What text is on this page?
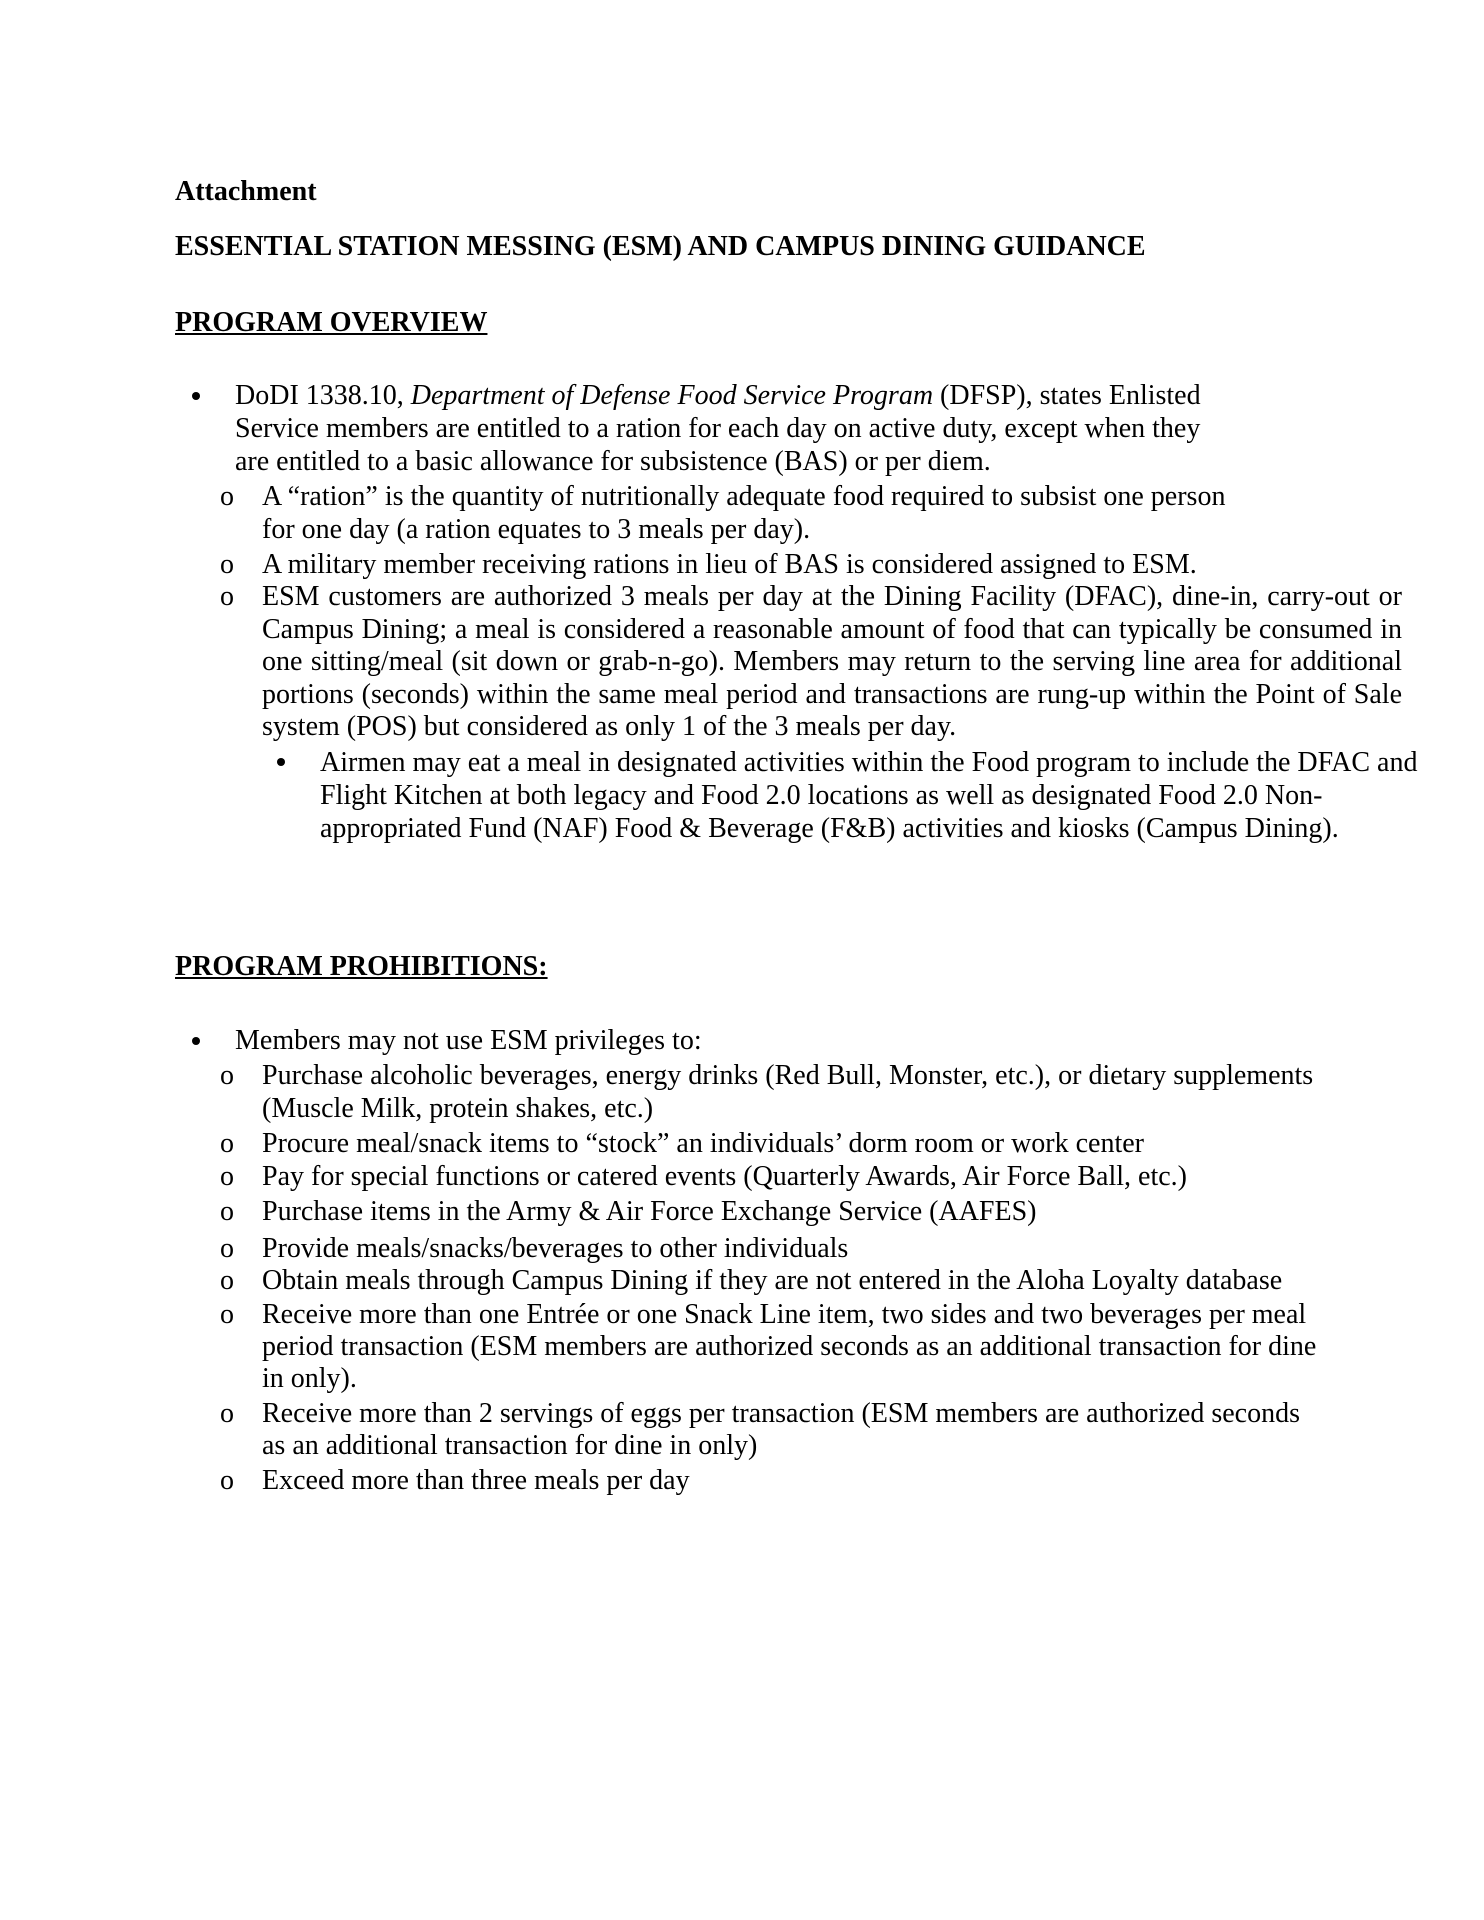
Attachment
ESSENTIAL STATION MESSING (ESM) AND CAMPUS DINING GUIDANCE
PROGRAM OVERVIEW
DoDI 1338.10, Department of Defense Food Service Program (DFSP), states Enlisted Service members are entitled to a ration for each day on active duty, except when they are entitled to a basic allowance for subsistence (BAS) or per diem.
o A “ration” is the quantity of nutritionally adequate food required to subsist one person for one day (a ration equates to 3 meals per day).
o A military member receiving rations in lieu of BAS is considered assigned to ESM.
o ESM customers are authorized 3 meals per day at the Dining Facility (DFAC), dine-in, carry-out or Campus Dining; a meal is considered a reasonable amount of food that can typically be consumed in one sitting/meal (sit down or grab-n-go). Members may return to the serving line area for additional portions (seconds) within the same meal period and transactions are rung-up within the Point of Sale system (POS) but considered as only 1 of the 3 meals per day.
Airmen may eat a meal in designated activities within the Food program to include the DFAC and Flight Kitchen at both legacy and Food 2.0 locations as well as designated Food 2.0 Non-appropriated Fund (NAF) Food & Beverage (F&B) activities and kiosks (Campus Dining).
PROGRAM PROHIBITIONS:
Members may not use ESM privileges to:
o Purchase alcoholic beverages, energy drinks (Red Bull, Monster, etc.), or dietary supplements (Muscle Milk, protein shakes, etc.)
o Procure meal/snack items to “stock” an individuals’ dorm room or work center
o Pay for special functions or catered events (Quarterly Awards, Air Force Ball, etc.)
o Purchase items in the Army & Air Force Exchange Service (AAFES)
o Provide meals/snacks/beverages to other individuals
o Obtain meals through Campus Dining if they are not entered in the Aloha Loyalty database
o Receive more than one Entrée or one Snack Line item, two sides and two beverages per meal period transaction (ESM members are authorized seconds as an additional transaction for dine in only).
o Receive more than 2 servings of eggs per transaction (ESM members are authorized seconds as an additional transaction for dine in only)
o Exceed more than three meals per day
